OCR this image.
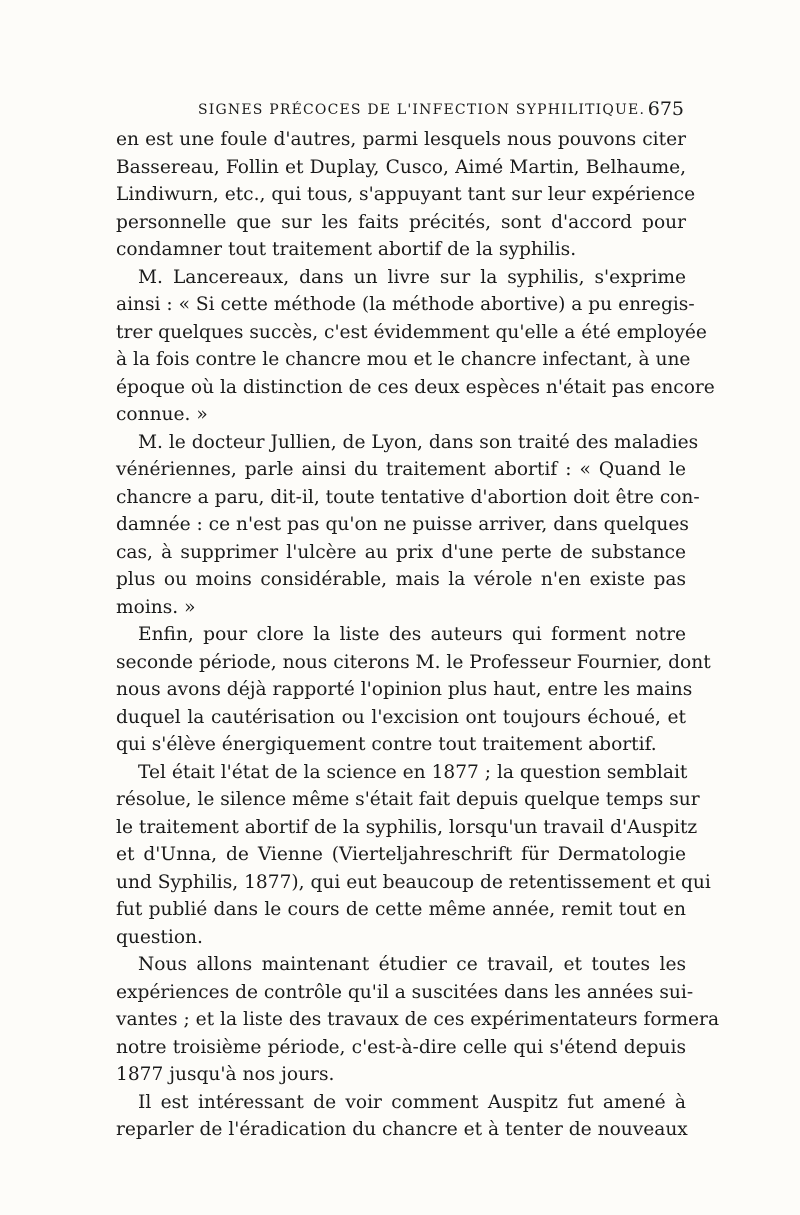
SIGNES PRÉCOCES DE L'INFECTION SYPHILITIQUE. 675
en est une foule d'autres, parmi lesquels nous pouvons citer
Bassereau, Follin et Duplay, Cusco, Aimé Martin, Belhaume,
Lindiwurn, etc., qui tous, s'appuyant tant sur leur expérience
personnelle que sur les faits précités, sont d'accord pour
condamner tout traitement abortif de la syphilis.
M. Lancereaux, dans un livre sur la syphilis, s'exprime
ainsi : « Si cette méthode (la méthode abortive) a pu enregis-
trer quelques succès, c'est évidemment qu'elle a été employée
à la fois contre le chancre mou et le chancre infectant, à une
époque où la distinction de ces deux espèces n'était pas encore
connue. »
M. le docteur Jullien, de Lyon, dans son traité des maladies
vénériennes, parle ainsi du traitement abortif : « Quand le
chancre a paru, dit-il, toute tentative d'abortion doit être con-
damnée : ce n'est pas qu'on ne puisse arriver, dans quelques
cas, à supprimer l'ulcère au prix d'une perte de substance
plus ou moins considérable, mais la vérole n'en existe pas
moins. »
Enfin, pour clore la liste des auteurs qui forment notre
seconde période, nous citerons M. le Professeur Fournier, dont
nous avons déjà rapporté l'opinion plus haut, entre les mains
duquel la cautérisation ou l'excision ont toujours échoué, et
qui s'élève énergiquement contre tout traitement abortif.
Tel était l'état de la science en 1877 ; la question semblait
résolue, le silence même s'était fait depuis quelque temps sur
le traitement abortif de la syphilis, lorsqu'un travail d'Auspitz
et d'Unna, de Vienne (Vierteljahreschrift für Dermatologie
und Syphilis, 1877), qui eut beaucoup de retentissement et qui
fut publié dans le cours de cette même année, remit tout en
question.
Nous allons maintenant étudier ce travail, et toutes les
expériences de contrôle qu'il a suscitées dans les années sui-
vantes ; et la liste des travaux de ces expérimentateurs formera
notre troisième période, c'est-à-dire celle qui s'étend depuis
1877 jusqu'à nos jours.
Il est intéressant de voir comment Auspitz fut amené à
reparler de l'éradication du chancre et à tenter de nouveaux
